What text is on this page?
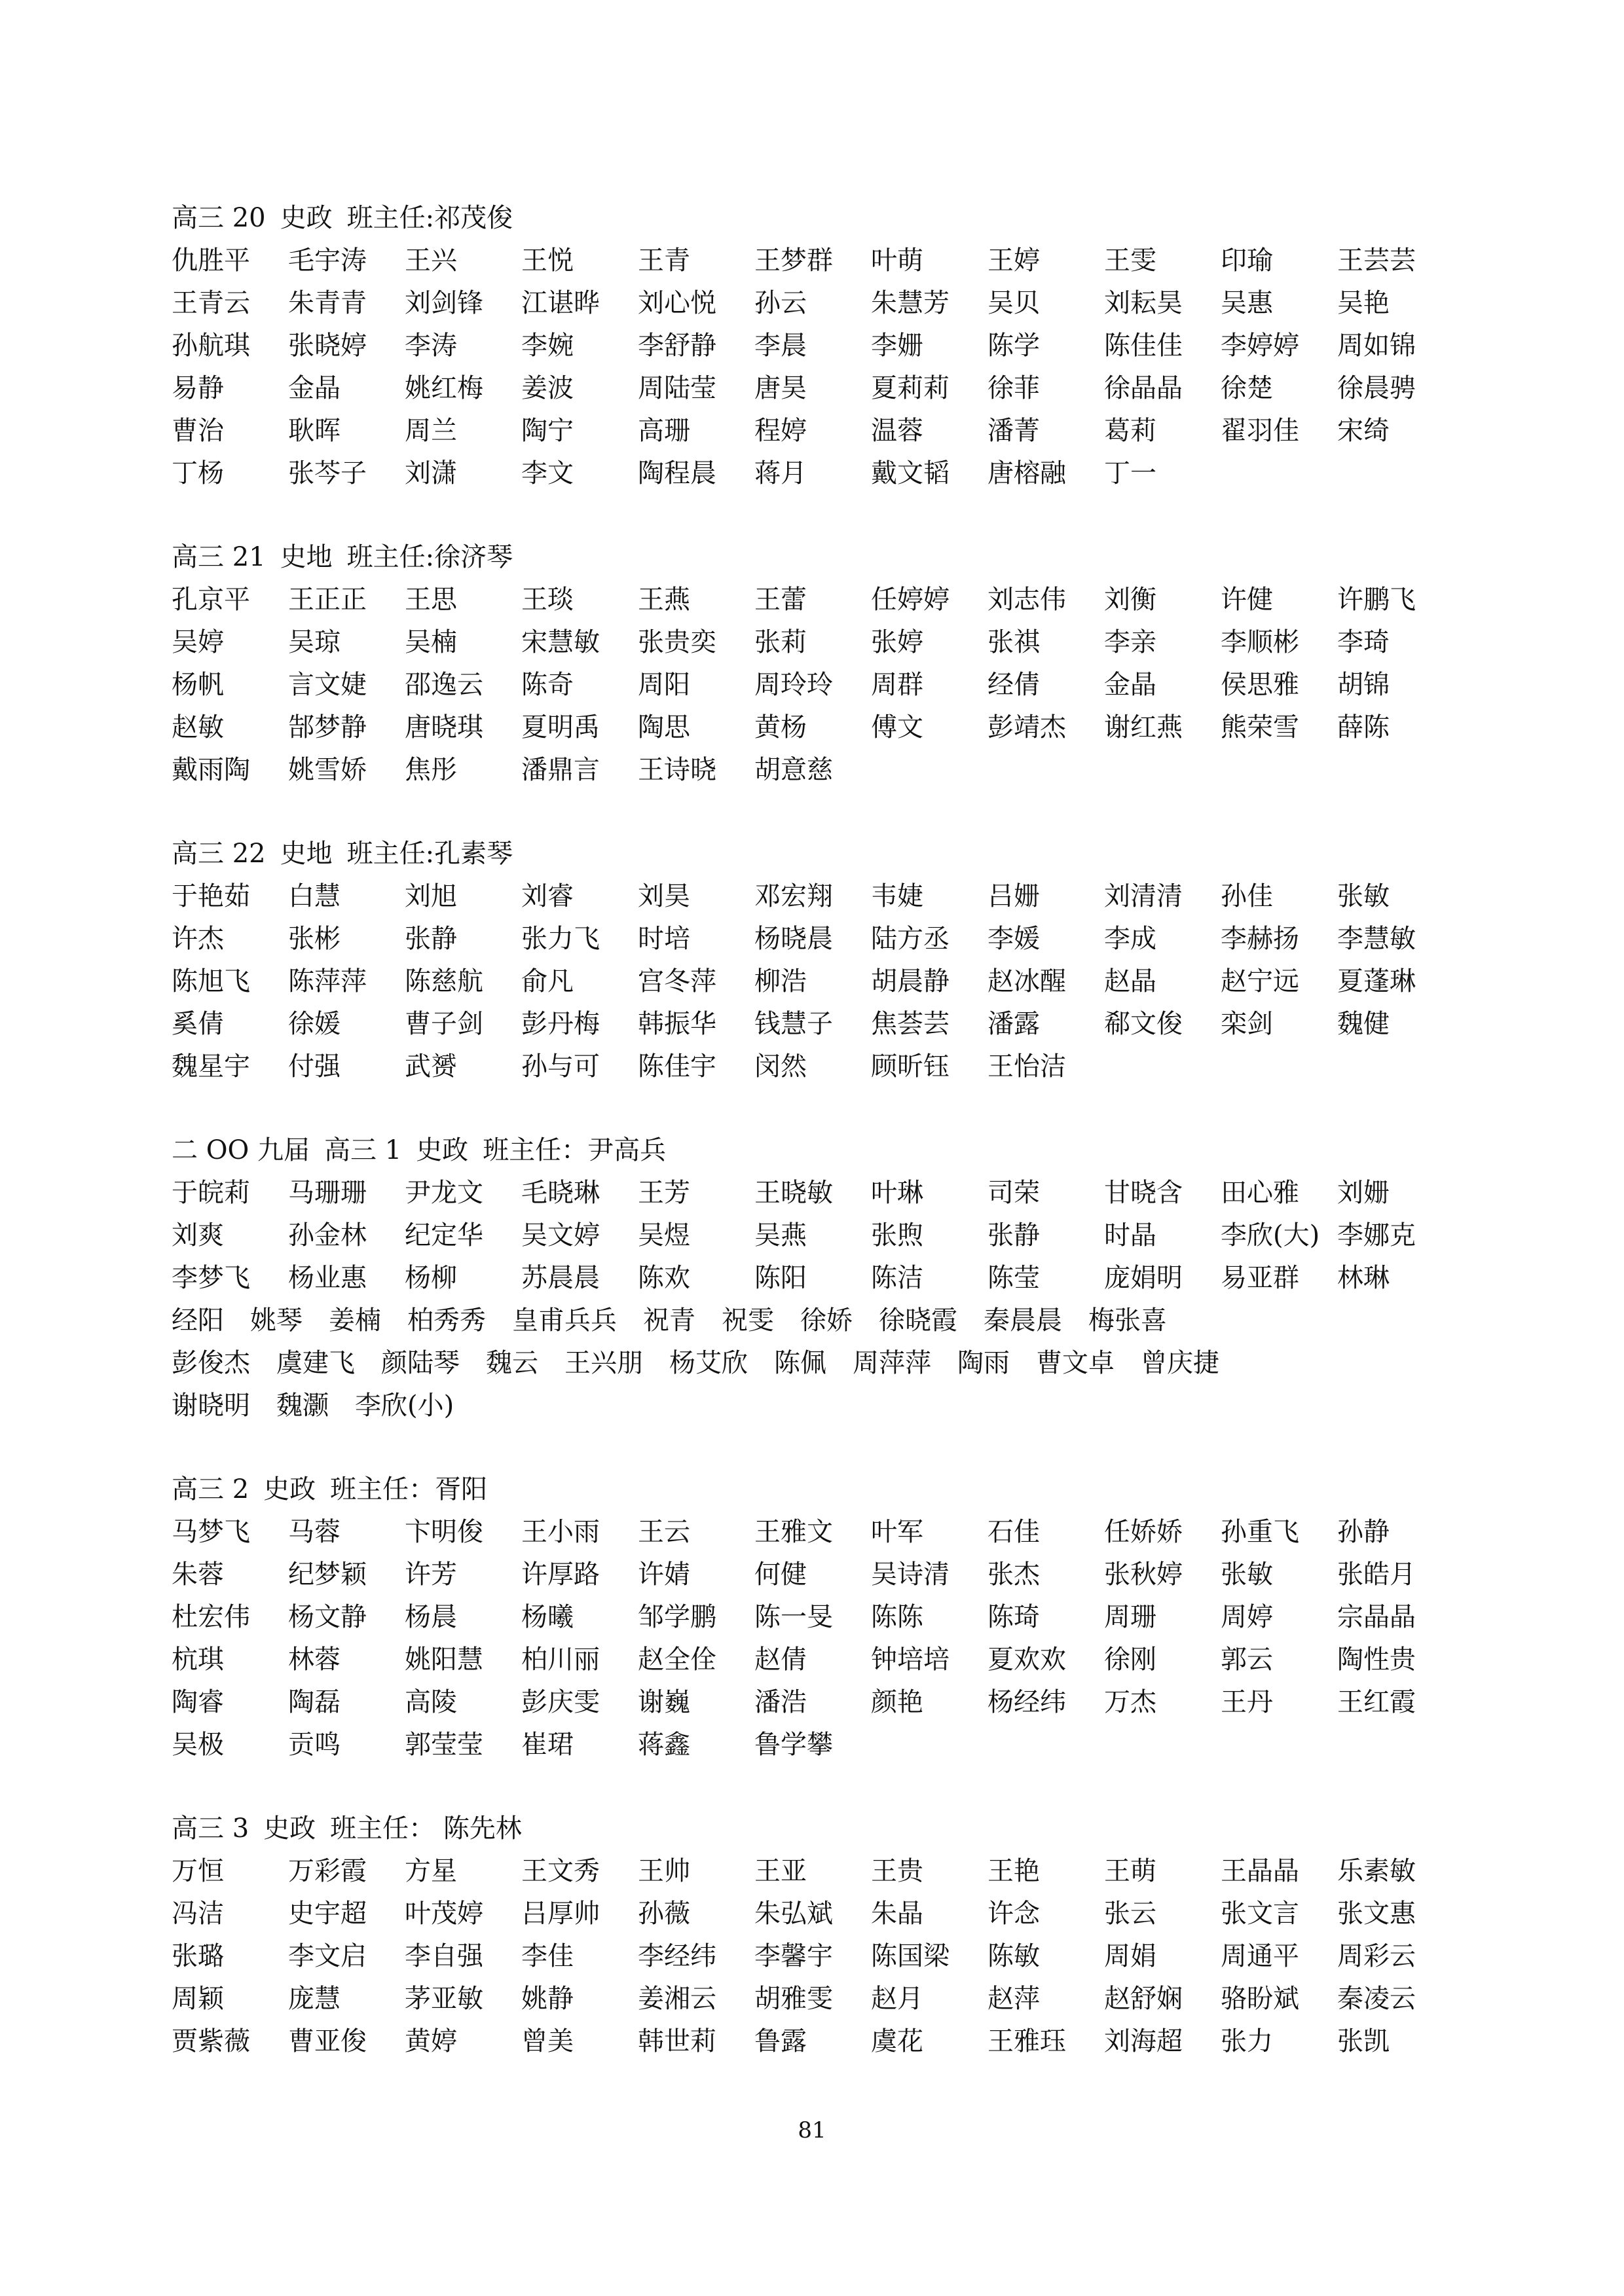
高三 20 史政 班主任:祁茂俊
仇胜平	毛宇涛	王兴	王悦	王青	王梦群	叶萌	王婷	王雯	印瑜	王芸芸
王青云	朱青青	刘剑锋	江谌晔	刘心悦	孙云	朱慧芳	吴贝	刘耘昊	吴惠	吴艳
孙航琪	张晓婷	李涛	李婉	李舒静	李晨	李姗	陈学	陈佳佳	李婷婷	周如锦
易静	金晶	姚红梅	姜波	周陆莹	唐昊	夏莉莉	徐菲	徐晶晶	徐楚	徐晨骋
曹治	耿晖	周兰	陶宁	高珊	程婷	温蓉	潘菁	葛莉	翟羽佳	宋绮
丁杨	张芩子	刘潇	李文	陶程晨	蒋月	戴文韬	唐榕融	丁一
高三 21 史地 班主任:徐济琴
孔京平	王正正	王思	王琰	王燕	王蕾	任婷婷	刘志伟	刘衡	许健	许鹏飞
吴婷	吴琼	吴楠	宋慧敏	张贵奕	张莉	张婷	张祺	李亲	李顺彬	李琦
杨帆	言文婕	邵逸云	陈奇	周阳	周玲玲	周群	经倩	金晶	侯思雅	胡锦
赵敏	郜梦静	唐晓琪	夏明禹	陶思	黄杨	傅文	彭靖杰	谢红燕	熊荣雪	薛陈
戴雨陶	姚雪娇	焦彤	潘鼎言	王诗晓	胡意慈
高三 22 史地 班主任:孔素琴
于艳茹	白慧	刘旭	刘睿	刘昊	邓宏翔	韦婕	吕姗	刘清清	孙佳	张敏
许杰	张彬	张静	张力飞	时培	杨晓晨	陆方丞	李媛	李成	李赫扬	李慧敏
陈旭飞	陈萍萍	陈慈航	俞凡	宫冬萍	柳浩	胡晨静	赵冰醒	赵晶	赵宁远	夏蓬琳
奚倩	徐媛	曹子剑	彭丹梅	韩振华	钱慧子	焦荟芸	潘露	郗文俊	栾剑	魏健
魏星宇	付强	武赟	孙与可	陈佳宇	闵然	顾昕钰	王怡洁
二 OO 九届 高三 1 史政 班主任：尹高兵
于皖莉	马珊珊	尹龙文	毛晓琳	王芳	王晓敏	叶琳	司荣	甘晓含	田心雅	刘姗
刘爽	孙金林	纪定华	吴文婷	吴煜	吴燕	张煦	张静	时晶	李欣(大) 李娜克
李梦飞	杨业惠	杨柳	苏晨晨	陈欢	陈阳	陈洁	陈莹	庞娟明	易亚群	林琳
经阳 姚琴 姜楠 柏秀秀 皇甫兵兵 祝青 祝雯 徐娇 徐晓霞 秦晨晨 梅张喜
彭俊杰 虞建飞 颜陆琴 魏云 王兴朋 杨艾欣 陈佩 周萍萍 陶雨 曹文卓 曾庆捷
谢晓明 魏灏 李欣(小)
高三 2 史政 班主任：胥阳
马梦飞	马蓉	卞明俊	王小雨	王云	王雅文	叶军	石佳	任娇娇	孙重飞	孙静
朱蓉	纪梦颖	许芳	许厚路	许婧	何健	吴诗清	张杰	张秋婷	张敏	张皓月
杜宏伟	杨文静	杨晨	杨曦	邹学鹏	陈一旻	陈陈	陈琦	周珊	周婷	宗晶晶
杭琪	林蓉	姚阳慧	柏川丽	赵全佺	赵倩	钟培培	夏欢欢	徐刚	郭云	陶性贵
陶睿	陶磊	高陵	彭庆雯	谢巍	潘浩	颜艳	杨经纬	万杰	王丹	王红霞
吴极	贡鸣	郭莹莹	崔珺	蒋鑫	鲁学攀
高三 3 史政 班主任： 陈先林
万恒	万彩霞	方星	王文秀	王帅	王亚	王贵	王艳	王萌	王晶晶	乐素敏
冯洁	史宇超	叶茂婷	吕厚帅	孙薇	朱弘斌	朱晶	许念	张云	张文言	张文惠
张璐	李文启	李自强	李佳	李经纬	李馨宇	陈国梁	陈敏	周娟	周通平	周彩云
周颖	庞慧	茅亚敏	姚静	姜湘云	胡雅雯	赵月	赵萍	赵舒娴	骆盼斌	秦凌云
贾紫薇	曹亚俊	黄婷	曾美	韩世莉	鲁露	虞花	王雅珏	刘海超	张力	张凯
81
